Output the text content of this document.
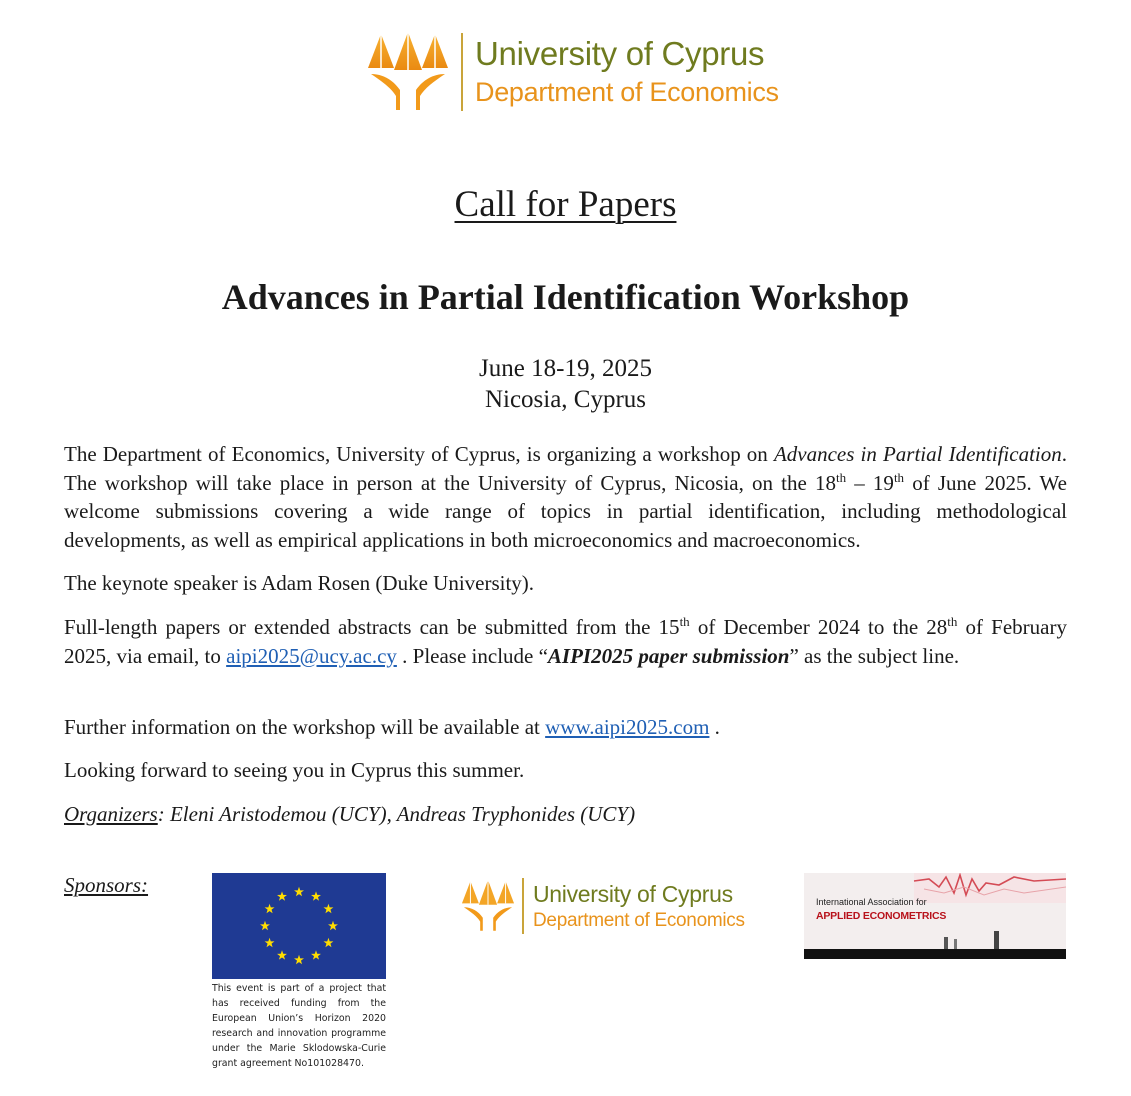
University of Cyprus
Department of Economics
Call for Papers
Advances in Partial Identification Workshop
June 18-19, 2025
Nicosia, Cyprus
The Department of Economics, University of Cyprus, is organizing a workshop on Advances in Partial Identification. The workshop will take place in person at the University of Cyprus, Nicosia, on the 18th – 19th of June 2025. We welcome submissions covering a wide range of topics in partial identification, including methodological developments, as well as empirical applications in both microeconomics and macroeconomics.
The keynote speaker is Adam Rosen (Duke University).
Full-length papers or extended abstracts can be submitted from the 15th of December 2024 to the 28th of February 2025, via email, to aipi2025@ucy.ac.cy . Please include “AIPI2025 paper submission” as the subject line.
Further information on the workshop will be available at www.aipi2025.com .
Looking forward to seeing you in Cyprus this summer.
Organizers: Eleni Aristodemou (UCY), Andreas Tryphonides (UCY)
Sponsors:
This event is part of a project that has received funding from the European Union’s Horizon 2020 research and innovation programme under the Marie Sklodowska-Curie grant agreement No101028470.
University of Cyprus
Department of Economics
International Association for
APPLIED ECONOMETRICS
